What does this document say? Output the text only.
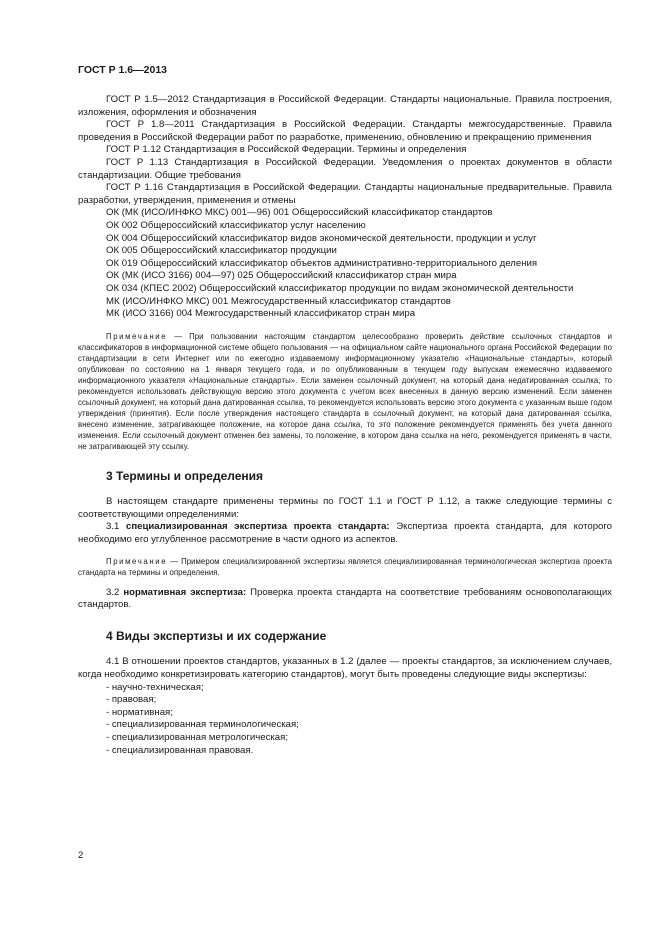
ГОСТ Р 1.6—2013

ГОСТ Р 1.5—2012 Стандартизация в Российской Федерации. Стандарты национальные. Правила построения, изложения, оформления и обозначения

ГОСТ Р 1.8—2011 Стандартизация в Российской Федерации. Стандарты межгосударственные. Правила проведения в Российской Федерации работ по разработке, применению, обновлению и прекращению применения

ГОСТ Р 1.12 Стандартизация в Российской Федерации. Термины и определения

ГОСТ Р 1.13 Стандартизация в Российской Федерации. Уведомления о проектах документов в области стандартизации. Общие требования

ГОСТ Р 1.16 Стандартизация в Российской Федерации. Стандарты национальные предварительные. Правила разработки, утверждения, применения и отмены

ОК (МК (ИСО/ИНФКО МКС) 001—96) 001 Общероссийский классификатор стандартов

ОК 002 Общероссийский классификатор услуг населению

ОК 004 Общероссийский классификатор видов экономической деятельности, продукции и услуг

ОК 005 Общероссийский классификатор продукции

ОК 019 Общероссийский классификатор объектов административно-территориального деления

ОК (МК (ИСО 3166) 004—97) 025 Общероссийский классификатор стран мира

ОК 034 (КПЕС 2002) Общероссийский классификатор продукции по видам экономической деятельности

МК (ИСО/ИНФКО МКС) 001 Межгосударственный классификатор стандартов

МК (ИСО 3166) 004 Межгосударственный классификатор стран мира

Примечание — При пользовании настоящим стандартом целесообразно проверить действие ссылочных стандартов и классификаторов в информационной системе общего пользования — на официальном сайте национального органа Российской Федерации по стандартизации в сети Интернет или по ежегодно издаваемому информационному указателю «Национальные стандарты», который опубликован по состоянию на 1 января текущего года, и по опубликованным в текущем году выпускам ежемесячно издаваемого информационного указателя «Национальные стандарты». Если заменен ссылочный документ, на который дана недатированная ссылка, то рекомендуется использовать действующую версию этого документа с учетом всех внесенных в данную версию изменений. Если заменен ссылочный документ, на который дана датированная ссылка, то рекомендуется использовать версию этого документа с указанным выше годом утверждения (принятия). Если после утверждения настоящего стандарта в ссылочный документ, на который дана датированная ссылка, внесено изменение, затрагивающее положение, на которое дана ссылка, то это положение рекомендуется применять без учета данного изменения. Если ссылочный документ отменен без замены, то положение, в котором дана ссылка на него, рекомендуется применять в части, не затрагивающей эту ссылку.

3 Термины и определения

В настоящем стандарте применены термины по ГОСТ 1.1 и ГОСТ Р 1.12, а также следующие термины с соответствующими определениями:

3.1 специализированная экспертиза проекта стандарта: Экспертиза проекта стандарта, для которого необходимо его углубленное рассмотрение в части одного из аспектов.

Примечание — Примером специализированной экспертизы является специализированная терминологическая экспертиза проекта стандарта на термины и определения.

3.2 нормативная экспертиза: Проверка проекта стандарта на соответствие требованиям основополагающих стандартов.

4 Виды экспертизы и их содержание

4.1 В отношении проектов стандартов, указанных в 1.2 (далее — проекты стандартов, за исключением случаев, когда необходимо конкретизировать категорию стандартов), могут быть проведены следующие виды экспертизы:

- научно-техническая;
- правовая;
- нормативная;
- специализированная терминологическая;
- специализированная метрологическая;
- специализированная правовая.
2
